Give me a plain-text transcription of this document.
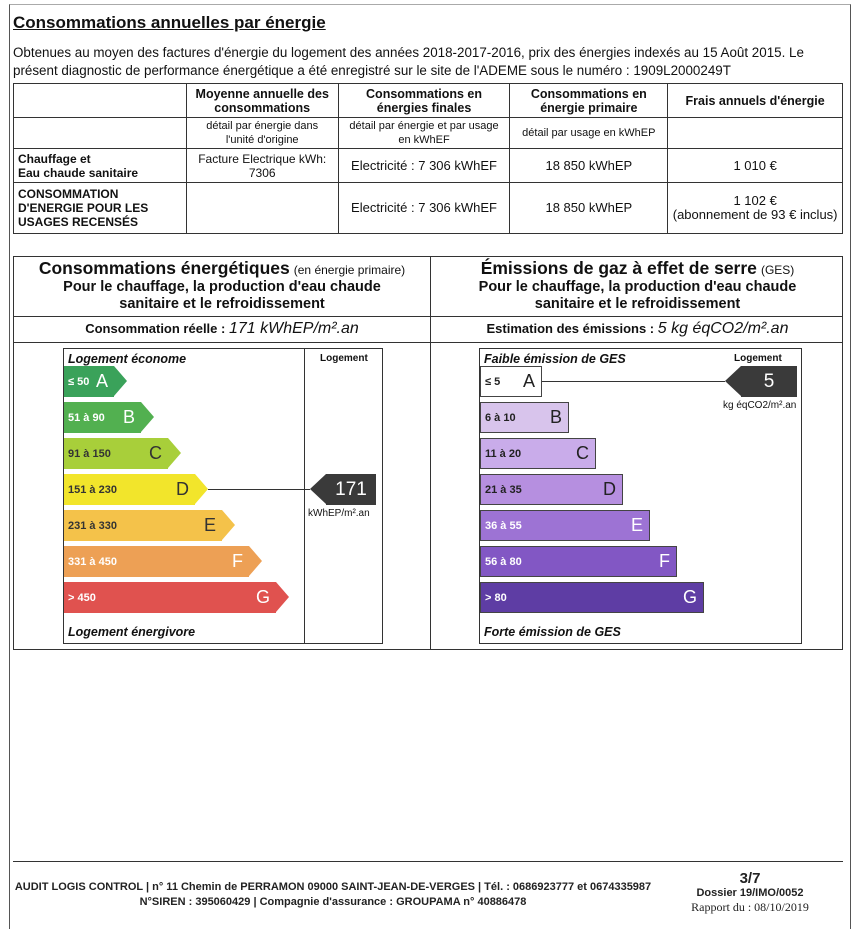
Consommations annuelles par énergie
Obtenues au moyen des factures d'énergie du logement des années 2018-2017-2016, prix des énergies indexés au 15 Août 2015. Le présent diagnostic de performance énergétique a été enregistré sur le site de l'ADEME sous le numéro : 1909L2000249T
	Moyenne annuelle des consommations	Consommations en énergies finales	Consommations en énergie primaire	Frais annuels d'énergie
	détail par énergie dans l'unité d'origine	détail par énergie et par usage en kWhEF	détail par usage en kWhEP	
Chauffage et
Eau chaude sanitaire	Facture Electrique kWh: 7306	Electricité : 7 306 kWhEF	18 850 kWhEP	1 010 €
CONSOMMATION D'ENERGIE POUR LES USAGES RECENSÉS		Electricité : 7 306 kWhEF	18 850 kWhEP	1 102 €
(abonnement de 93 € inclus)
Consommations énergétiques (en énergie primaire)
Pour le chauffage, la production d'eau chaude sanitaire et le refroidissement
Consommation réelle : 171 kWhEP/m².an
Logement économe	Logement
≤ 50 A
51 à 90 B
91 à 150 C
151 à 230	D	171
kWhEP/m².an
231 à 330	E
331 à 450	F
> 450	G
Logement énergivore
Émissions de gaz à effet de serre (GES)
Pour le chauffage, la production d'eau chaude sanitaire et le refroidissement
Estimation des émissions : 5 kg éqCO2/m².an
Faible émission de GES	Logement
≤ 5 A	5
kg éqCO2/m².an
6 à 10 B
11 à 20	C
21 à 35	D
36 à 55	E
56 à 80	F
> 80	G
Forte émission de GES
AUDIT LOGIS CONTROL | n° 11 Chemin de PERRAMON 09000 SAINT-JEAN-DE-VERGES | Tél. : 0686923777 et 0674335987
N°SIREN : 395060429 | Compagnie d'assurance : GROUPAMA n° 40886478
3/7
Dossier 19/IMO/0052
Rapport du : 08/10/2019
